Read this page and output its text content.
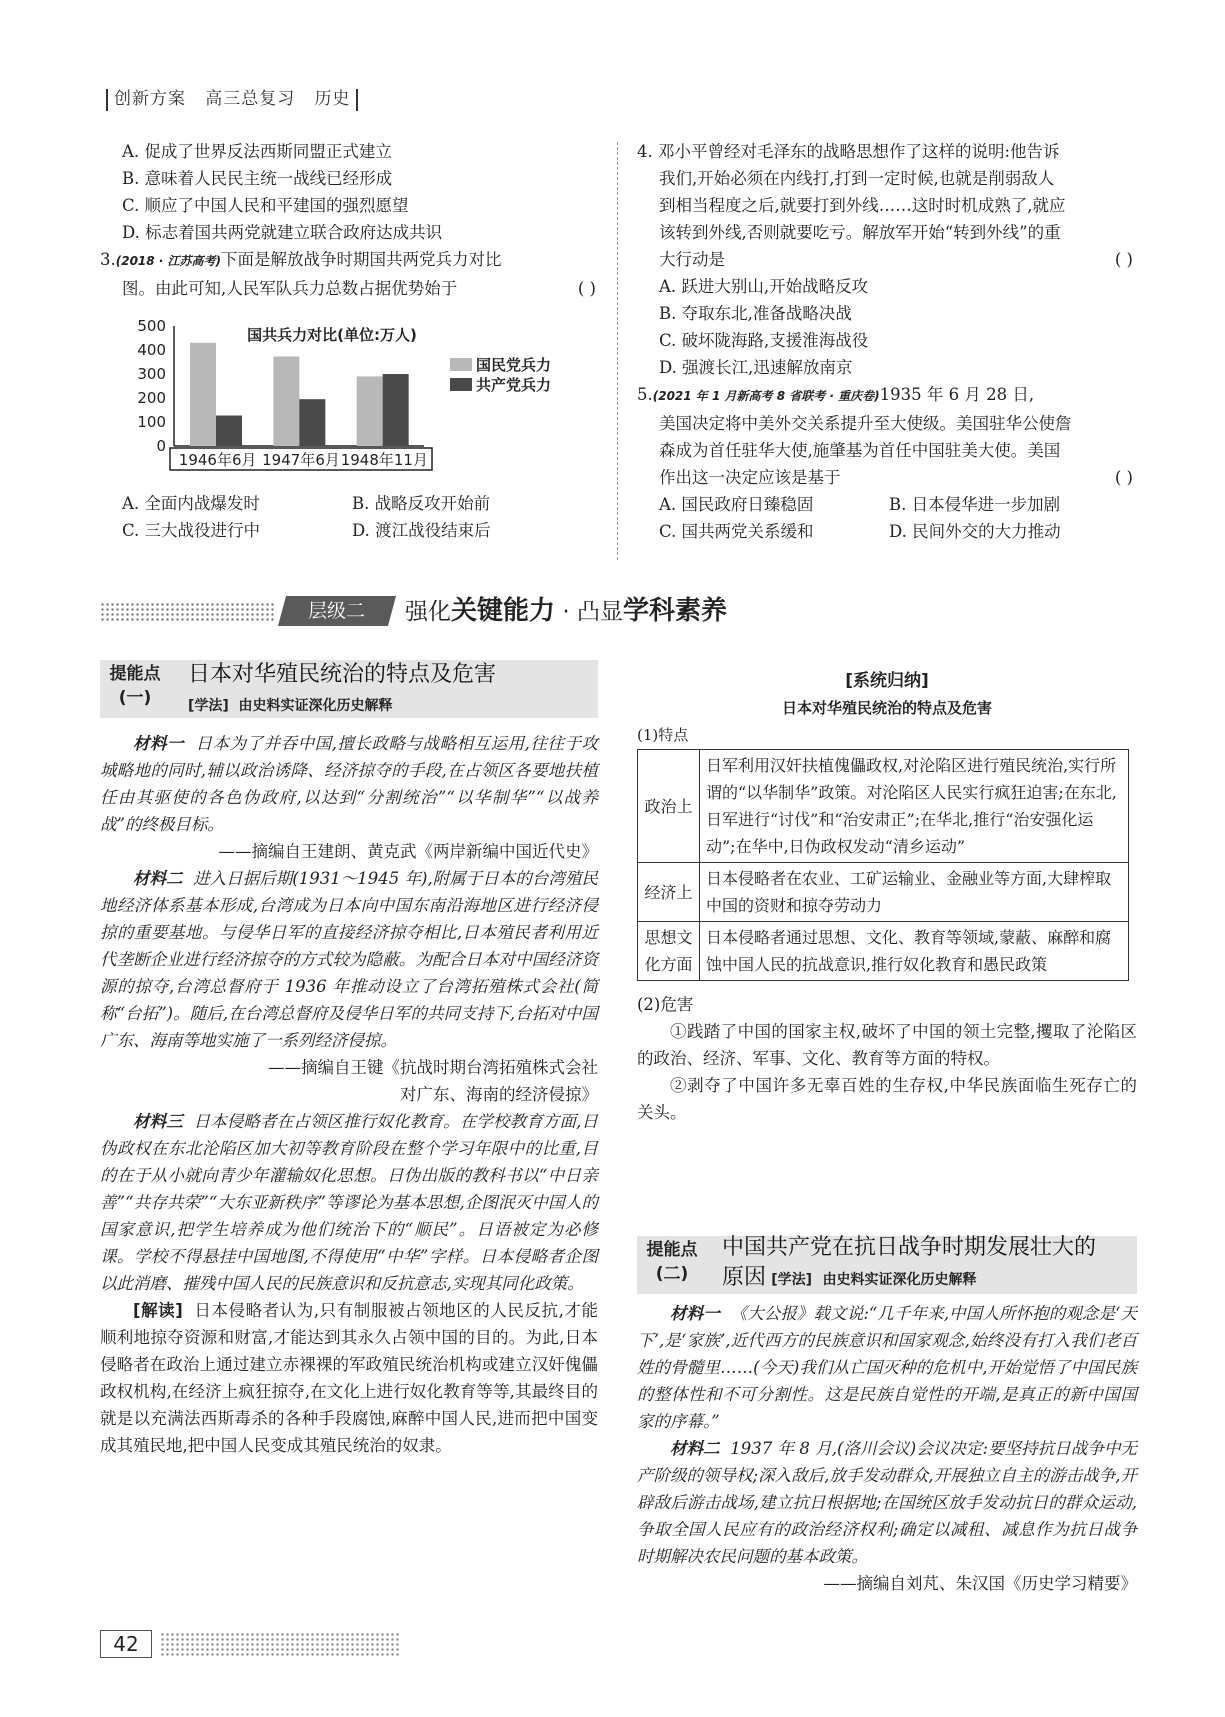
创新方案 高三总复习 历史
A. 促成了世界反法西斯同盟正式建立
B. 意味着人民民主统一战线已经形成
C. 顺应了中国人民和平建国的强烈愿望
D. 标志着国共两党就建立联合政府达成共识
3.(2018 · 江苏高考)下面是解放战争时期国共两党兵力对比
图。由此可知,人民军队兵力总数占据优势始于	( )
500
400
300
200
100
0
1946年6月 1947年6月 1948年11月
国共兵力对比(单位:万人)
国民党兵力
共产党兵力
A. 全面内战爆发时	B. 战略反攻开始前
C. 三大战役进行中	D. 渡江战役结束后
4. 邓小平曾经对毛泽东的战略思想作了这样的说明:他告诉
我们,开始必须在内线打,打到一定时候,也就是削弱敌人
到相当程度之后,就要打到外线……这时时机成熟了,就应
该转到外线,否则就要吃亏。解放军开始“转到外线”的重
大行动是	( )
A. 跃进大别山,开始战略反攻
B. 夺取东北,准备战略决战
C. 破坏陇海路,支援淮海战役
D. 强渡长江,迅速解放南京
5.(2021 年 1 月新高考 8 省联考 · 重庆卷)1935 年 6 月 28 日,
美国决定将中美外交关系提升至大使级。美国驻华公使詹
森成为首任驻华大使,施肇基为首任中国驻美大使。美国
作出这一决定应该是基于	( )
A. 国民政府日臻稳固	B. 日本侵华进一步加剧
C. 国共两党关系缓和	D. 民间外交的大力推动
层级二	强化关键能力 · 凸显学科素养
提能点
(一)
日本对华殖民统治的特点及危害
[学法] 由史料实证深化历史解释

材料一 日本为了并吞中国,擅长政略与战略相互运用,往往于攻城略地的同时,辅以政治诱降、经济掠夺的手段,在占领区各要地扶植任由其驱使的各色伪政府,以达到“分割统治”“以华制华”“以战养战”的终极目标。

——摘编自王建朗、黄克武《两岸新编中国近代史》

材料二 进入日据后期(1931～1945 年),附属于日本的台湾殖民地经济体系基本形成,台湾成为日本向中国东南沿海地区进行经济侵掠的重要基地。与侵华日军的直接经济掠夺相比,日本殖民者利用近代垄断企业进行经济掠夺的方式较为隐蔽。为配合日本对中国经济资源的掠夺,台湾总督府于 1936 年推动设立了台湾拓殖株式会社(简称“台拓”)。随后,在台湾总督府及侵华日军的共同支持下,台拓对中国广东、海南等地实施了一系列经济侵掠。

——摘编自王键《抗战时期台湾拓殖株式会社

对广东、海南的经济侵掠》

材料三 日本侵略者在占领区推行奴化教育。在学校教育方面,日伪政权在东北沦陷区加大初等教育阶段在整个学习年限中的比重,目的在于从小就向青少年灌输奴化思想。日伪出版的教科书以“中日亲善”“共存共荣”“大东亚新秩序”等谬论为基本思想,企图泯灭中国人的国家意识,把学生培养成为他们统治下的“顺民”。日语被定为必修课。学校不得悬挂中国地图,不得使用“中华”字样。日本侵略者企图以此消磨、摧残中国人民的民族意识和反抗意志,实现其同化政策。

[解读] 日本侵略者认为,只有制服被占领地区的人民反抗,才能顺利地掠夺资源和财富,才能达到其永久占领中国的目的。为此,日本侵略者在政治上通过建立赤裸裸的军政殖民统治机构或建立汉奸傀儡政权机构,在经济上疯狂掠夺,在文化上进行奴化教育等等,其最终目的就是以充满法西斯毒杀的各种手段腐蚀,麻醉中国人民,进而把中国变成其殖民地,把中国人民变成其殖民统治的奴隶。

[系统归纳]
日本对华殖民统治的特点及危害
(1)特点
政治上	日军利用汉奸扶植傀儡政权,对沦陷区进行殖民统治,实行所谓的“以华制华”政策。对沦陷区人民实行疯狂迫害;在东北,日军进行“讨伐”和“治安肃正”;在华北,推行“治安强化运动”;在华中,日伪政权发动“清乡运动”
经济上	日本侵略者在农业、工矿运输业、金融业等方面,大肆榨取中国的资财和掠夺劳动力
思想文化方面	日本侵略者通过思想、文化、教育等领域,蒙蔽、麻醉和腐蚀中国人民的抗战意识,推行奴化教育和愚民政策
(2)危害

①践踏了中国的国家主权,破坏了中国的领土完整,攫取了沦陷区的政治、经济、军事、文化、教育等方面的特权。

②剥夺了中国许多无辜百姓的生存权,中华民族面临生死存亡的关头。

提能点
(二)
中国共产党在抗日战争时期发展壮大的
原因 [学法] 由史料实证深化历史解释

材料一 《大公报》载文说:“几千年来,中国人所怀抱的观念是‘天下’,是‘家族’,近代西方的民族意识和国家观念,始终没有打入我们老百姓的骨髓里……(今天)我们从亡国灭种的危机中,开始觉悟了中国民族的整体性和不可分割性。这是民族自觉性的开端,是真正的新中国国家的序幕。”

材料二 1937 年 8 月,(洛川会议)会议决定:要坚持抗日战争中无产阶级的领导权;深入敌后,放手发动群众,开展独立自主的游击战争,开辟敌后游击战场,建立抗日根据地;在国统区放手发动抗日的群众运动,争取全国人民应有的政治经济权利;确定以减租、减息作为抗日战争时期解决农民问题的基本政策。

——摘编自刘芃、朱汉国《历史学习精要》

42
